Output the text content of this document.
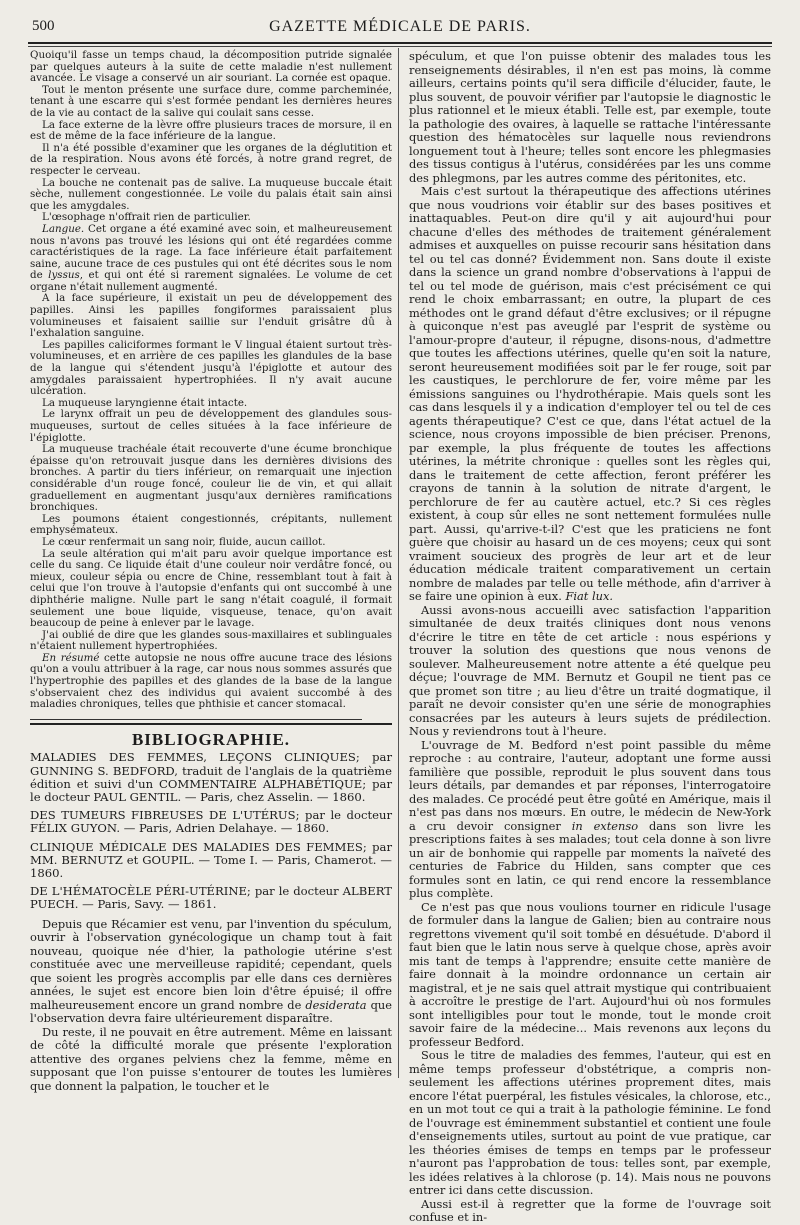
500	GAZETTE MÉDICALE DE PARIS.

Quoiqu'il fasse un temps chaud, la décomposition putride signalée par quelques auteurs à la suite de cette maladie n'est nullement avancée. Le visage a conservé un air souriant. La cornée est opaque.

Tout le menton présente une surface dure, comme parcheminée, tenant à une escarre qui s'est formée pendant les dernières heures de la vie au contact de la salive qui coulait sans cesse.

La face externe de la lèvre offre plusieurs traces de morsure, il en est de même de la face inférieure de la langue.

Il n'a été possible d'examiner que les organes de la déglutition et de la respiration. Nous avons été forcés, à notre grand regret, de respecter le cerveau.

La bouche ne contenait pas de salive. La muqueuse buccale était sèche, nullement congestionnée. Le voile du palais était sain ainsi que les amygdales.

L'œsophage n'offrait rien de particulier.

Langue. Cet organe a été examiné avec soin, et malheureusement nous n'avons pas trouvé les lésions qui ont été regardées comme caractéristiques de la rage. La face inférieure était parfaitement saine, aucune trace de ces pustules qui ont été décrites sous le nom de lyssus, et qui ont été si rarement signalées. Le volume de cet organe n'était nullement augmenté.

A la face supérieure, il existait un peu de développement des papilles. Ainsi les papilles fongiformes paraissaient plus volumineuses et faisaient saillie sur l'enduit grisâtre dû à l'exhalation sanguine.

Les papilles caliciformes formant le V lingual étaient surtout très-volumineuses, et en arrière de ces papilles les glandules de la base de la langue qui s'étendent jusqu'à l'épiglotte et autour des amygdales paraissaient hypertrophiées. Il n'y avait aucune ulcération.

La muqueuse laryngienne était intacte.

Le larynx offrait un peu de développement des glandules sous-muqueuses, surtout de celles situées à la face inférieure de l'épiglotte.

La muqueuse trachéale était recouverte d'une écume bronchique épaisse qu'on retrouvait jusque dans les dernières divisions des bronches. A partir du tiers inférieur, on remarquait une injection considérable d'un rouge foncé, couleur lie de vin, et qui allait graduellement en augmentant jusqu'aux dernières ramifications bronchiques.

Les poumons étaient congestionnés, crépitants, nullement emphysémateux.

Le cœur renfermait un sang noir, fluide, aucun caillot.

La seule altération qui m'ait paru avoir quelque importance est celle du sang. Ce liquide était d'une couleur noir verdâtre foncé, ou mieux, couleur sépia ou encre de Chine, ressemblant tout à fait à celui que l'on trouve à l'autopsie d'enfants qui ont succombé à une diphthérie maligne. Nulle part le sang n'était coagulé, il formait seulement une boue liquide, visqueuse, tenace, qu'on avait beaucoup de peine à enlever par le lavage.

J'ai oublié de dire que les glandes sous-maxillaires et sublinguales n'étaient nullement hypertrophiées.

En résumé cette autopsie ne nous offre aucune trace des lésions qu'on a voulu attribuer à la rage, car nous nous sommes assurés que l'hypertrophie des papilles et des glandes de la base de la langue s'observaient chez des individus qui avaient succombé à des maladies chroniques, telles que phthisie et cancer stomacal.

BIBLIOGRAPHIE.

MALADIES DES FEMMES, LEÇONS CLINIQUES; par GUNNING S. BEDFORD, traduit de l'anglais de la quatrième édition et suivi d'un COMMENTAIRE ALPHABÉTIQUE; par le docteur PAUL GENTIL. — Paris, chez Asselin. — 1860.

DES TUMEURS FIBREUSES DE L'UTÉRUS; par le docteur FÉLIX GUYON. — Paris, Adrien Delahaye. — 1860.

CLINIQUE MÉDICALE DES MALADIES DES FEMMES; par MM. BERNUTZ et GOUPIL. — Tome I. — Paris, Chamerot. — 1860.

DE L'HÉMATOCÈLE PÉRI-UTÉRINE; par le docteur ALBERT PUECH. — Paris, Savy. — 1861.

Depuis que Récamier est venu, par l'invention du spéculum, ouvrir à l'observation gynécologique un champ tout à fait nouveau, quoique née d'hier, la pathologie utérine s'est constituée avec une merveilleuse rapidité; cependant, quels que soient les progrès accomplis par elle dans ces dernières années, le sujet est encore bien loin d'être épuisé; il offre malheureusement encore un grand nombre de desiderata que l'observation devra faire ultérieurement disparaître.

Du reste, il ne pouvait en être autrement. Même en laissant de côté la difficulté morale que présente l'exploration attentive des organes pelviens chez la femme, même en supposant que l'on puisse s'entourer de toutes les lumières que donnent la palpation, le toucher et le

spéculum, et que l'on puisse obtenir des malades tous les renseignements désirables, il n'en est pas moins, là comme ailleurs, certains points qu'il sera difficile d'élucider, faute, le plus souvent, de pouvoir vérifier par l'autopsie le diagnostic le plus rationnel et le mieux établi. Telle est, par exemple, toute la pathologie des ovaires, à laquelle se rattache l'intéressante question des hématocèles sur laquelle nous reviendrons longuement tout à l'heure; telles sont encore les phlegmasies des tissus contigus à l'utérus, considérées par les uns comme des phlegmons, par les autres comme des péritonites, etc.

Mais c'est surtout la thérapeutique des affections utérines que nous voudrions voir établir sur des bases positives et inattaquables. Peut-on dire qu'il y ait aujourd'hui pour chacune d'elles des méthodes de traitement généralement admises et auxquelles on puisse recourir sans hésitation dans tel ou tel cas donné? Évidemment non. Sans doute il existe dans la science un grand nombre d'observations à l'appui de tel ou tel mode de guérison, mais c'est précisément ce qui rend le choix embarrassant; en outre, la plupart de ces méthodes ont le grand défaut d'être exclusives; or il répugne à quiconque n'est pas aveuglé par l'esprit de système ou l'amour-propre d'auteur, il répugne, disons-nous, d'admettre que toutes les affections utérines, quelle qu'en soit la nature, seront heureusement modifiées soit par le fer rouge, soit par les caustiques, le perchlorure de fer, voire même par les émissions sanguines ou l'hydrothérapie. Mais quels sont les cas dans lesquels il y a indication d'employer tel ou tel de ces agents thérapeutique? C'est ce que, dans l'état actuel de la science, nous croyons impossible de bien préciser. Prenons, par exemple, la plus fréquente de toutes les affections utérines, la métrite chronique : quelles sont les règles qui, dans le traitement de cette affection, feront préférer les crayons de tannin à la solution de nitrate d'argent, le perchlorure de fer au cautère actuel, etc.? Si ces règles existent, à coup sûr elles ne sont nettement formulées nulle part. Aussi, qu'arrive-t-il? C'est que les praticiens ne font guère que choisir au hasard un de ces moyens; ceux qui sont vraiment soucieux des progrès de leur art et de leur éducation médicale traitent comparativement un certain nombre de malades par telle ou telle méthode, afin d'arriver à se faire une opinion à eux. Fiat lux.

Aussi avons-nous accueilli avec satisfaction l'apparition simultanée de deux traités cliniques dont nous venons d'écrire le titre en tête de cet article : nous espérions y trouver la solution des questions que nous venons de soulever. Malheureusement notre attente a été quelque peu déçue; l'ouvrage de MM. Bernutz et Goupil ne tient pas ce que promet son titre ; au lieu d'être un traité dogmatique, il paraît ne devoir consister qu'en une série de monographies consacrées par les auteurs à leurs sujets de prédilection. Nous y reviendrons tout à l'heure.

L'ouvrage de M. Bedford n'est point passible du même reproche : au contraire, l'auteur, adoptant une forme aussi familière que possible, reproduit le plus souvent dans tous leurs détails, par demandes et par réponses, l'interrogatoire des malades. Ce procédé peut être goûté en Amérique, mais il n'est pas dans nos mœurs. En outre, le médecin de New-York a cru devoir consigner in extenso dans son livre les prescriptions faites à ses malades; tout cela donne à son livre un air de bonhomie qui rappelle par moments la naïveté des centuries de Fabrice du Hilden, sans compter que ces formules sont en latin, ce qui rend encore la ressemblance plus complète.

Ce n'est pas que nous voulions tourner en ridicule l'usage de formuler dans la langue de Galien; bien au contraire nous regrettons vivement qu'il soit tombé en désuétude. D'abord il faut bien que le latin nous serve à quelque chose, après avoir mis tant de temps à l'apprendre; ensuite cette manière de faire donnait à la moindre ordonnance un certain air magistral, et je ne sais quel attrait mystique qui contribuaient à accroître le prestige de l'art. Aujourd'hui où nos formules sont intelligibles pour tout le monde, tout le monde croit savoir faire de la médecine... Mais revenons aux leçons du professeur Bedford.

Sous le titre de maladies des femmes, l'auteur, qui est en même temps professeur d'obstétrique, a compris non-seulement les affections utérines proprement dites, mais encore l'état puerpéral, les fistules vésicales, la chlorose, etc., en un mot tout ce qui a trait à la pathologie féminine. Le fond de l'ouvrage est éminemment substantiel et contient une foule d'enseignements utiles, surtout au point de vue pratique, car les théories émises de temps en temps par le professeur n'auront pas l'approbation de tous: telles sont, par exemple, les idées relatives à la chlorose (p. 14). Mais nous ne pouvons entrer ici dans cette discussion.

Aussi est-il à regretter que la forme de l'ouvrage soit confuse et in-
